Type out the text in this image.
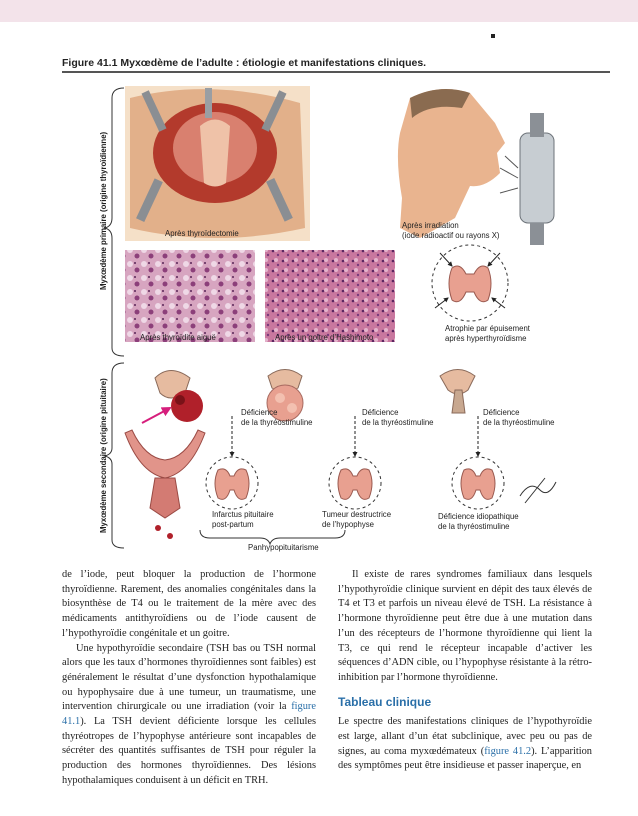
Figure 41.1 Myxœdème de l’adulte : étiologie et manifestations cliniques.
Myxœdème primaire (origine thyroïdienne)
Myxœdème secondaire (origine pituitaire)
Après thyroïdectomie
Après irradiation
(iode radioactif ou rayons X)
Après thyroïdite aiguë	Après un goitre d’Hashimoto
Atrophie par épuisement
après hyperthyroïdisme
Déficience
de la thyréostimuline
Déficience
de la thyréostimuline
Déficience
de la thyréostimuline
Infarctus pituitaire
post-partum
Tumeur destructrice
de l’hypophyse
Déficience idiopathique
de la thyréostimuline
Panhypopituitarisme

de l’iode, peut bloquer la production de l’hormone thyroïdienne. Rarement, des anomalies congénitales dans la biosynthèse de T4 ou le traitement de la mère avec des médicaments antithyroïdiens ou de l’iode causent de l’hypothyroïdie congénitale et un goitre.

Une hypothyroïdie secondaire (TSH bas ou TSH normal alors que les taux d’hormones thyroïdiennes sont faibles) est généralement le résultat d’une dysfonction hypothalamique ou hypophysaire due à une tumeur, un traumatisme, une intervention chirurgicale ou une irradiation (voir la figure 41.1). La TSH devient déficiente lorsque les cellules thyréotropes de l’hypophyse antérieure sont incapables de sécréter des quantités suffisantes de TSH pour réguler la production des hormones thyroïdiennes. Des lésions hypothalamiques conduisent à un déficit en TRH.

Il existe de rares syndromes familiaux dans lesquels l’hypothyroïdie clinique survient en dépit des taux élevés de T4 et T3 et parfois un niveau élevé de TSH. La résistance à l’hormone thyroïdienne peut être due à une mutation dans l’un des récepteurs de l’hormone thyroïdienne qui lient la T3, ce qui rend le récepteur incapable d’activer les séquences d’ADN cible, ou l’hypophyse résistante à la rétro-inhibition par l’hormone thyroïdienne.

Tableau clinique

Le spectre des manifestations cliniques de l’hypothyroïdie est large, allant d’un état subclinique, avec peu ou pas de signes, au coma myxœdémateux (figure 41.2). L’apparition des symptômes peut être insidieuse et passer inaperçue, en
